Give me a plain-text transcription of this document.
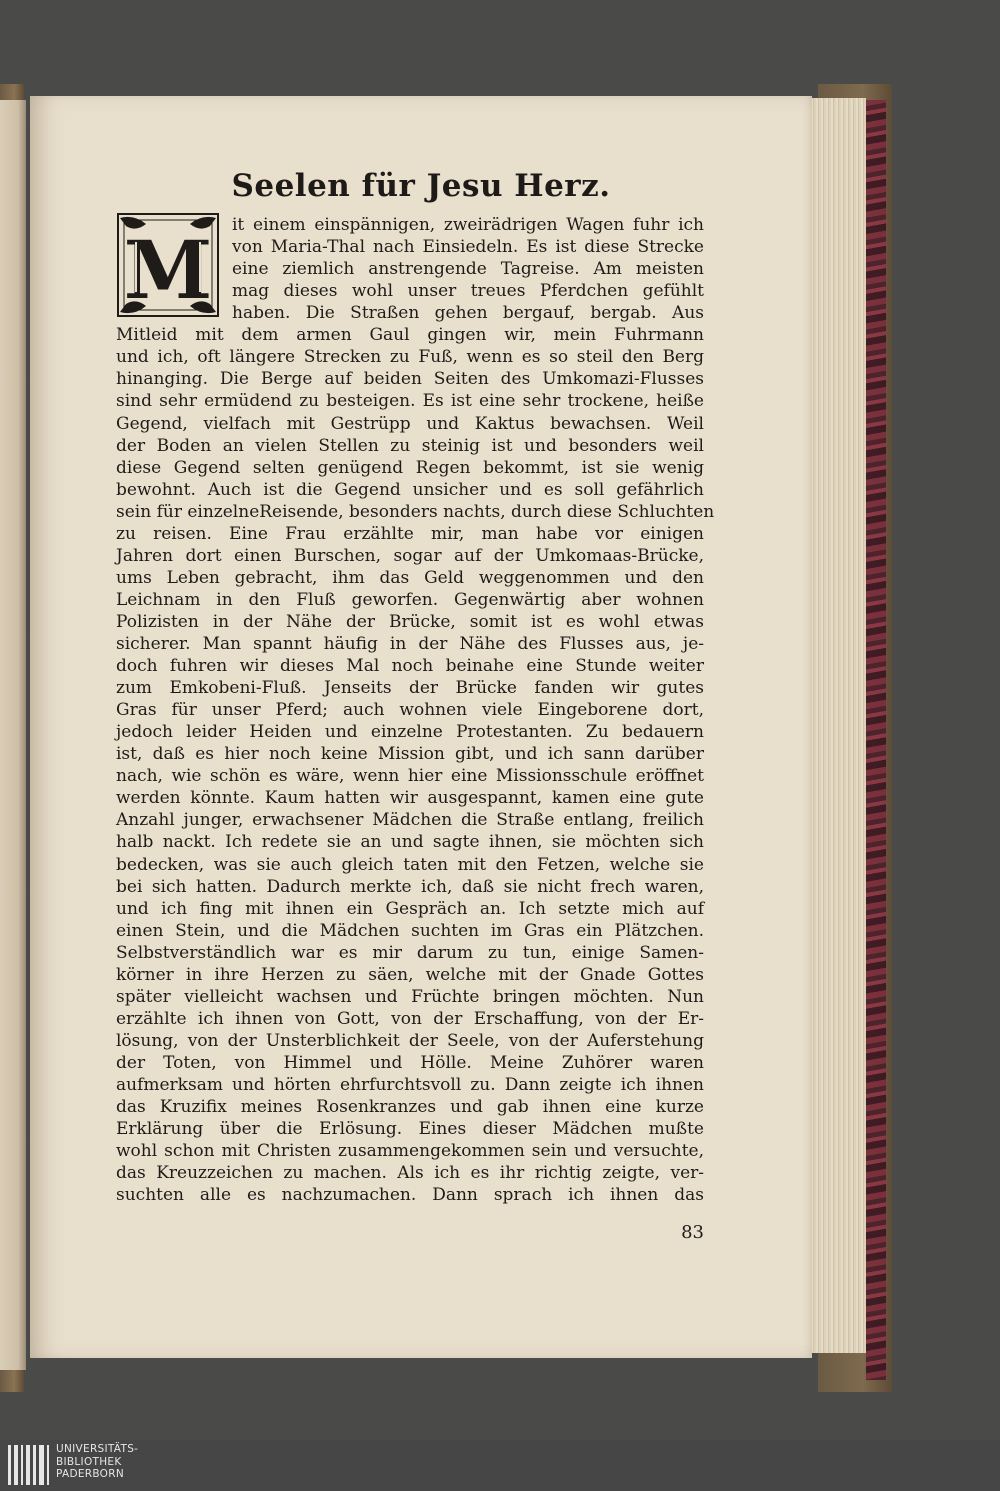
Seelen für Jesu Herz.
M it einem einspännigen, zweirädrigen Wagen fuhr ich
von Maria-Thal nach Einsiedeln. Es ist diese Strecke
eine ziemlich anstrengende Tagreise. Am meisten
mag dieses wohl unser treues Pferdchen gefühlt
haben. Die Straßen gehen bergauf, bergab. Aus
Mitleid mit dem armen Gaul gingen wir, mein Fuhrmann
und ich, oft längere Strecken zu Fuß, wenn es so steil den Berg
hinanging. Die Berge auf beiden Seiten des Umkomazi-Flusses
sind sehr ermüdend zu besteigen. Es ist eine sehr trockene, heiße
Gegend, vielfach mit Gestrüpp und Kaktus bewachsen. Weil
der Boden an vielen Stellen zu steinig ist und besonders weil
diese Gegend selten genügend Regen bekommt, ist sie wenig
bewohnt. Auch ist die Gegend unsicher und es soll gefährlich
sein für einzelneReisende, besonders nachts, durch diese Schluchten
zu reisen. Eine Frau erzählte mir, man habe vor einigen
Jahren dort einen Burschen, sogar auf der Umkomaas-Brücke,
ums Leben gebracht, ihm das Geld weggenommen und den
Leichnam in den Fluß geworfen. Gegenwärtig aber wohnen
Polizisten in der Nähe der Brücke, somit ist es wohl etwas
sicherer. Man spannt häufig in der Nähe des Flusses aus, je-
doch fuhren wir dieses Mal noch beinahe eine Stunde weiter
zum Emkobeni-Fluß. Jenseits der Brücke fanden wir gutes
Gras für unser Pferd; auch wohnen viele Eingeborene dort,
jedoch leider Heiden und einzelne Protestanten. Zu bedauern
ist, daß es hier noch keine Mission gibt, und ich sann darüber
nach, wie schön es wäre, wenn hier eine Missionsschule eröffnet
werden könnte. Kaum hatten wir ausgespannt, kamen eine gute
Anzahl junger, erwachsener Mädchen die Straße entlang, freilich
halb nackt. Ich redete sie an und sagte ihnen, sie möchten sich
bedecken, was sie auch gleich taten mit den Fetzen, welche sie
bei sich hatten. Dadurch merkte ich, daß sie nicht frech waren,
und ich fing mit ihnen ein Gespräch an. Ich setzte mich auf
einen Stein, und die Mädchen suchten im Gras ein Plätzchen.
Selbstverständlich war es mir darum zu tun, einige Samen-
körner in ihre Herzen zu säen, welche mit der Gnade Gottes
später vielleicht wachsen und Früchte bringen möchten. Nun
erzählte ich ihnen von Gott, von der Erschaffung, von der Er-
lösung, von der Unsterblichkeit der Seele, von der Auferstehung
der Toten, von Himmel und Hölle. Meine Zuhörer waren
aufmerksam und hörten ehrfurchtsvoll zu. Dann zeigte ich ihnen
das Kruzifix meines Rosenkranzes und gab ihnen eine kurze
Erklärung über die Erlösung. Eines dieser Mädchen mußte
wohl schon mit Christen zusammengekommen sein und versuchte,
das Kreuzzeichen zu machen. Als ich es ihr richtig zeigte, ver-
suchten alle es nachzumachen. Dann sprach ich ihnen das
83
UNIVERSITÄTS-
BIBLIOTHEK
PADERBORN
